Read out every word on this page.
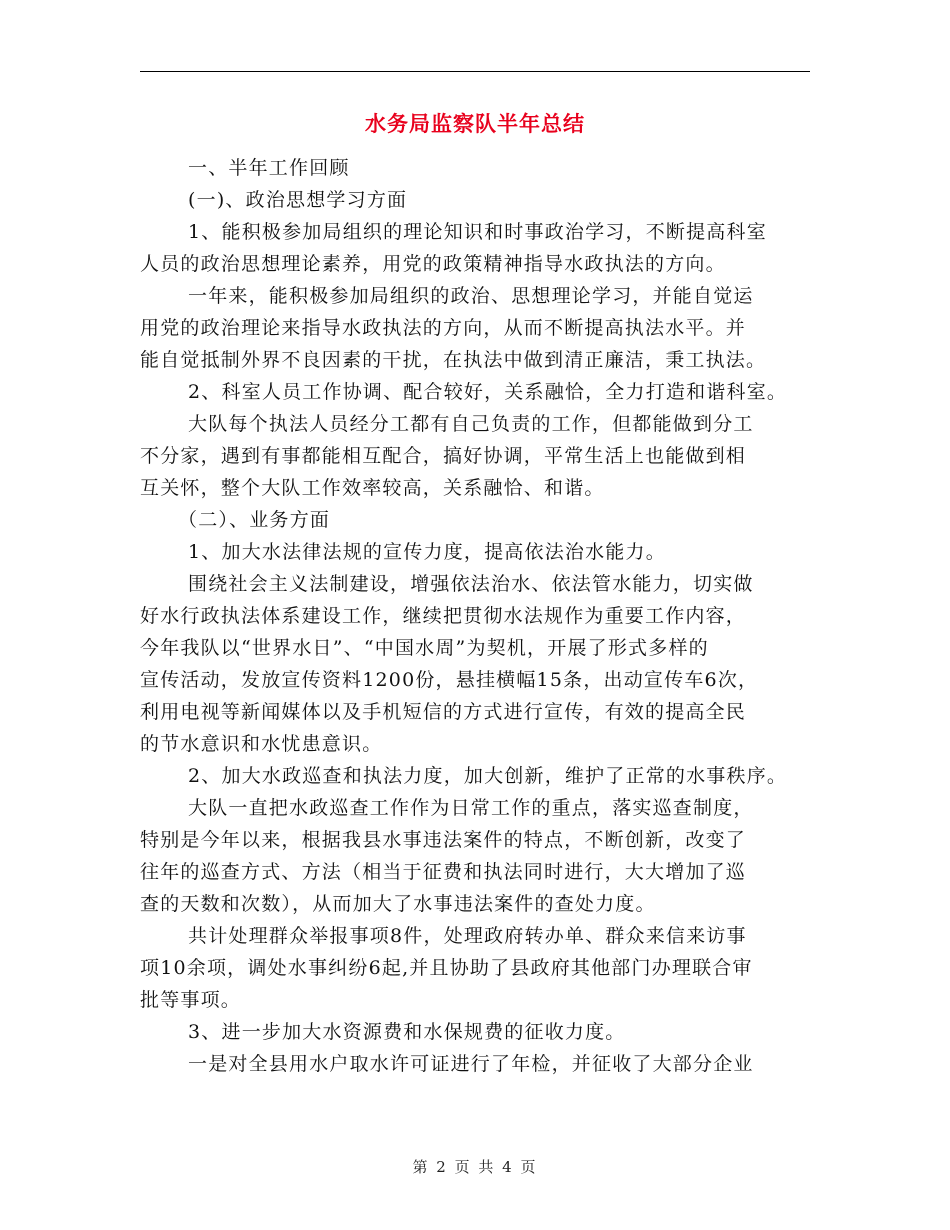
水务局监察队半年总结
一、半年工作回顾
(一)、政治思想学习方面
1、能积极参加局组织的理论知识和时事政治学习，不断提高科室
人员的政治思想理论素养，用党的政策精神指导水政执法的方向。
一年来，能积极参加局组织的政治、思想理论学习，并能自觉运
用党的政治理论来指导水政执法的方向，从而不断提高执法水平。并
能自觉抵制外界不良因素的干扰，在执法中做到清正廉洁，秉工执法。
2、科室人员工作协调、配合较好，关系融恰，全力打造和谐科室。
大队每个执法人员经分工都有自己负责的工作，但都能做到分工
不分家，遇到有事都能相互配合，搞好协调，平常生活上也能做到相
互关怀，整个大队工作效率较高，关系融恰、和谐。
（二）、业务方面
1、加大水法律法规的宣传力度，提高依法治水能力。
围绕社会主义法制建设，增强依法治水、依法管水能力，切实做
好水行政执法体系建设工作，继续把贯彻水法规作为重要工作内容，
今年我队以“世界水日”、“中国水周”为契机，开展了形式多样的
宣传活动，发放宣传资料1200份，悬挂横幅15条，出动宣传车6次，
利用电视等新闻媒体以及手机短信的方式进行宣传，有效的提高全民
的节水意识和水忧患意识。
2、加大水政巡查和执法力度，加大创新，维护了正常的水事秩序。
大队一直把水政巡查工作作为日常工作的重点，落实巡查制度，
特别是今年以来，根据我县水事违法案件的特点，不断创新，改变了
往年的巡查方式、方法（相当于征费和执法同时进行，大大增加了巡
查的天数和次数），从而加大了水事违法案件的查处力度。
共计处理群众举报事项8件，处理政府转办单、群众来信来访事
项10余项，调处水事纠纷6起,并且协助了县政府其他部门办理联合审
批等事项。
3、进一步加大水资源费和水保规费的征收力度。
一是对全县用水户取水许可证进行了年检，并征收了大部分企业
第 2 页 共 4 页
